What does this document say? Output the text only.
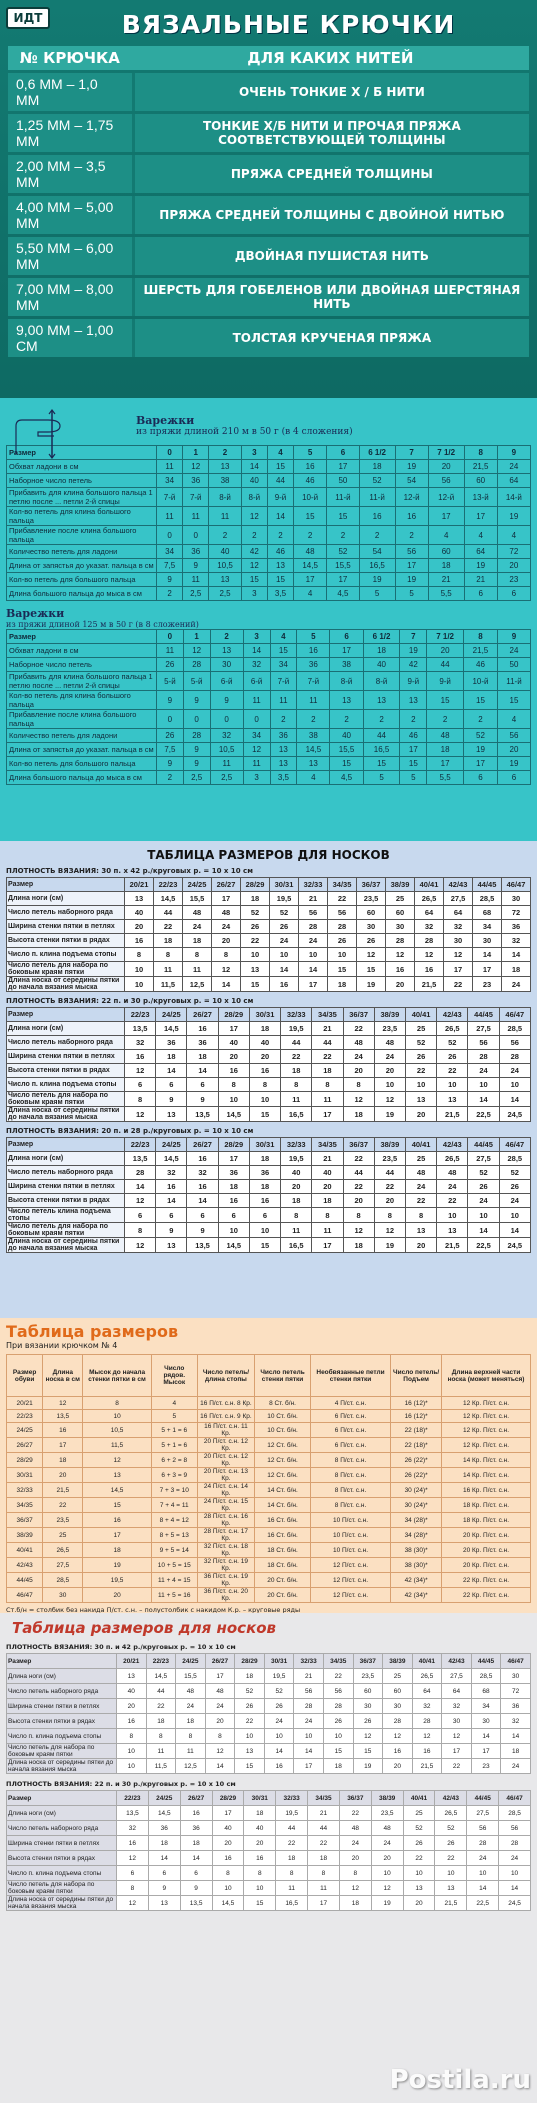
ИДТ	ВЯЗАЛЬНЫЕ КРЮЧКИ
№ КРЮЧКА	ДЛЯ КАКИХ НИТЕЙ
0,6 ММ – 1,0 ММ	ОЧЕНЬ ТОНКИЕ Х / Б НИТИ
1,25 ММ – 1,75 ММ	ТОНКИЕ Х/Б НИТИ И ПРОЧАЯ ПРЯЖА СООТВЕТСТВУЮЩЕЙ ТОЛЩИНЫ
2,00 ММ – 3,5 ММ	ПРЯЖА СРЕДНЕЙ ТОЛЩИНЫ
4,00 ММ – 5,00 ММ	ПРЯЖА СРЕДНЕЙ ТОЛЩИНЫ С ДВОЙНОЙ НИТЬЮ
5,50 ММ – 6,00 ММ	ДВОЙНАЯ ПУШИСТАЯ НИТЬ
7,00 ММ – 8,00 ММ	ШЕРСТЬ ДЛЯ ГОБЕЛЕНОВ ИЛИ ДВОЙНАЯ ШЕРСТЯНАЯ НИТЬ
9,00 ММ – 1,00 СМ	ТОЛСТАЯ КРУЧЕНАЯ ПРЯЖА
Варежки
из пряжи длиной 210 м в 50 г (в 4 сложения)
Размер	0	1	2	3	4	5	6	6 1/2	7	7 1/2	8	9
Обхват ладони в см	11	12	13	14	15	16	17	18	19	20	21,5	24
Наборное число петель	34	36	38	40	44	46	50	52	54	56	60	64
Прибавить для клина большого пальца 1 петлю после ... петли 2-й спицы	7-й	7-й	8-й	8-й	9-й	10-й	11-й	11-й	12-й	12-й	13-й	14-й
Кол-во петель для клина большого пальца	11	11	11	12	14	15	15	16	16	17	17	19
Прибавление после клина большого пальца	0	0	2	2	2	2	2	2	2	4	4	4
Количество петель для ладони	34	36	40	42	46	48	52	54	56	60	64	72
Длина от запястья до указат. пальца в см	7,5	9	10,5	12	13	14,5	15,5	16,5	17	18	19	20
Кол-во петель для большого пальца	9	11	13	15	15	17	17	19	19	21	21	23
Длина большого пальца до мыса в см	2	2,5	2,5	3	3,5	4	4,5	5	5	5,5	6	6
Варежки
из пряжи длиной 125 м в 50 г (в 8 сложений)
Размер	0	1	2	3	4	5	6	6 1/2	7	7 1/2	8	9
Обхват ладони в см	11	12	13	14	15	16	17	18	19	20	21,5	24
Наборное число петель	26	28	30	32	34	36	38	40	42	44	46	50
Прибавить для клина большого пальца 1 петлю после ... петли 2-й спицы	5-й	5-й	6-й	6-й	7-й	7-й	8-й	8-й	9-й	9-й	10-й	11-й
Кол-во петель для клина большого пальца	9	9	9	11	11	11	13	13	13	15	15	15
Прибавление после клина большого пальца	0	0	0	0	2	2	2	2	2	2	2	4
Количество петель для ладони	26	28	32	34	36	38	40	44	46	48	52	56
Длина от запястья до указат. пальца в см	7,5	9	10,5	12	13	14,5	15,5	16,5	17	18	19	20
Кол-во петель для большого пальца	9	9	11	11	13	13	15	15	15	17	17	19
Длина большого пальца до мыса в см	2	2,5	2,5	3	3,5	4	4,5	5	5	5,5	6	6
ТАБЛИЦА РАЗМЕРОВ ДЛЯ НОСКОВ
ПЛОТНОСТЬ ВЯЗАНИЯ: 30 п. x 42 р./круговых р. = 10 x 10 см
Размер	20/21	22/23	24/25	26/27	28/29	30/31	32/33	34/35	36/37	38/39	40/41	42/43	44/45	46/47
Длина ноги (см)	13	14,5	15,5	17	18	19,5	21	22	23,5	25	26,5	27,5	28,5	30
Число петель наборного ряда	40	44	48	48	52	52	56	56	60	60	64	64	68	72
Ширина стенки пятки в петлях	20	22	24	24	26	26	28	28	30	30	32	32	34	36
Высота стенки пятки в рядах	16	18	18	20	22	24	24	26	26	28	28	30	30	32
Число п. клина подъема стопы	8	8	8	8	10	10	10	10	12	12	12	12	14	14
Число петель для набора по боковым краям пятки	10	11	11	12	13	14	14	15	15	16	16	17	17	18
Длина носка от середины пятки до начала вязания мыска	10	11,5	12,5	14	15	16	17	18	19	20	21,5	22	23	24
ПЛОТНОСТЬ ВЯЗАНИЯ: 22 п. и 30 р./круговых р. = 10 x 10 см
Размер	22/23	24/25	26/27	28/29	30/31	32/33	34/35	36/37	38/39	40/41	42/43	44/45	46/47
Длина ноги (см)	13,5	14,5	16	17	18	19,5	21	22	23,5	25	26,5	27,5	28,5
Число петель наборного ряда	32	36	36	40	40	44	44	48	48	52	52	56	56
Ширина стенки пятки в петлях	16	18	18	20	20	22	22	24	24	26	26	28	28
Высота стенки пятки в рядах	12	14	14	16	16	18	18	20	20	22	22	24	24
Число п. клина подъема стопы	6	6	6	8	8	8	8	8	10	10	10	10	10
Число петель для набора по боковым краям пятки	8	9	9	10	10	11	11	12	12	13	13	14	14
Длина носка от середины пятки до начала вязания мыска	12	13	13,5	14,5	15	16,5	17	18	19	20	21,5	22,5	24,5
ПЛОТНОСТЬ ВЯЗАНИЯ: 20 п. и 28 р./круговых р. = 10 x 10 см
Размер	22/23	24/25	26/27	28/29	30/31	32/33	34/35	36/37	38/39	40/41	42/43	44/45	46/47
Длина ноги (см)	13,5	14,5	16	17	18	19,5	21	22	23,5	25	26,5	27,5	28,5
Число петель наборного ряда	28	32	32	36	36	40	40	44	44	48	48	52	52
Ширина стенки пятки в петлях	14	16	16	18	18	20	20	22	22	24	24	26	26
Высота стенки пятки в рядах	12	14	14	16	16	18	18	20	20	22	22	24	24
Число петель клина подъема стопы	6	6	6	6	6	8	8	8	8	8	10	10	10
Число петель для набора по боковым краям пятки	8	9	9	10	10	11	11	12	12	13	13	14	14
Длина носка от середины пятки до начала вязания мыска	12	13	13,5	14,5	15	16,5	17	18	19	20	21,5	22,5	24,5
Таблица размеров
При вязании крючком № 4
Размер обуви	Длина носка в см	Мысок до начала стенки пятки в см	Число рядов. Мысок	Число петель/ длина стопы	Число петель стенки пятки	Необвязанные петли стенки пятки	Число петель/ Подъем	Длина верхней части носка (может меняться)
20/21	12	8	4	16 П/ст. с.н. 8 Кр.	8 Ст. б/н.	4 П/ст. с.н.	16 (12)*	12 Кр. П/ст. с.н.
22/23	13,5	10	5	16 П/ст. с.н. 9 Кр.	10 Ст. б/н.	6 П/ст. с.н.	16 (12)*	12 Кр. П/ст. с.н.
24/25	16	10,5	5 + 1 = 6	16 П/ст. с.н. 11 Кр.	10 Ст. б/н.	6 П/ст. с.н.	22 (18)*	12 Кр. П/ст. с.н.
26/27	17	11,5	5 + 1 = 6	20 П/ст. с.н. 12 Кр.	12 Ст. б/н.	6 П/ст. с.н.	22 (18)*	12 Кр. П/ст. с.н.
28/29	18	12	6 + 2 = 8	20 П/ст. с.н. 12 Кр.	12 Ст. б/н.	8 П/ст. с.н.	26 (22)*	14 Кр. П/ст. с.н.
30/31	20	13	6 + 3 = 9	20 П/ст. с.н. 13 Кр.	12 Ст. б/н.	8 П/ст. с.н.	26 (22)*	14 Кр. П/ст. с.н.
32/33	21,5	14,5	7 + 3 = 10	24 П/ст. с.н. 14 Кр.	14 Ст. б/н.	8 П/ст. с.н.	30 (24)*	16 Кр. П/ст. с.н.
34/35	22	15	7 + 4 = 11	24 П/ст. с.н. 15 Кр.	14 Ст. б/н.	8 П/ст. с.н.	30 (24)*	18 Кр. П/ст. с.н.
36/37	23,5	16	8 + 4 = 12	28 П/ст. с.н. 16 Кр.	16 Ст. б/н.	10 П/ст. с.н.	34 (28)*	18 Кр. П/ст. с.н.
38/39	25	17	8 + 5 = 13	28 П/ст. с.н. 17 Кр.	16 Ст. б/н.	10 П/ст. с.н.	34 (28)*	20 Кр. П/ст. с.н.
40/41	26,5	18	9 + 5 = 14	32 П/ст. с.н. 18 Кр.	18 Ст. б/н.	10 П/ст. с.н.	38 (30)*	20 Кр. П/ст. с.н.
42/43	27,5	19	10 + 5 = 15	32 П/ст. с.н. 19 Кр.	18 Ст. б/н.	12 П/ст. с.н.	38 (30)*	20 Кр. П/ст. с.н.
44/45	28,5	19,5	11 + 4 = 15	36 П/ст. с.н. 19 Кр.	20 Ст. б/н.	12 П/ст. с.н.	42 (34)*	22 Кр. П/ст. с.н.
46/47	30	20	11 + 5 = 16	36 П/ст. с.н. 20 Кр.	20 Ст. б/н.	12 П/ст. с.н.	42 (34)*	22 Кр. П/ст. с.н.
Ст.б/н = столбик без накида П/ст. с.н. – полустолбик с накидом К.р. – круговые ряды
Таблица размеров для носков
ПЛОТНОСТЬ ВЯЗАНИЯ: 30 п. и 42 р./круговых р. = 10 x 10 см
Размер	20/21	22/23	24/25	26/27	28/29	30/31	32/33	34/35	36/37	38/39	40/41	42/43	44/45	46/47
Длина ноги (см)	13	14,5	15,5	17	18	19,5	21	22	23,5	25	26,5	27,5	28,5	30
Число петель наборного ряда	40	44	48	48	52	52	56	56	60	60	64	64	68	72
Ширина стенки пятки в петлях	20	22	24	24	26	26	28	28	30	30	32	32	34	36
Высота стенки пятки в рядах	16	18	18	20	22	24	24	26	26	28	28	30	30	32
Число п. клина подъема стопы	8	8	8	8	10	10	10	10	12	12	12	12	14	14
Число петель для набора по боковым краям пятки	10	11	11	12	13	14	14	15	15	16	16	17	17	18
Длина носка от середины пятки до начала вязания мыска	10	11,5	12,5	14	15	16	17	18	19	20	21,5	22	23	24
ПЛОТНОСТЬ ВЯЗАНИЯ: 22 п. и 30 р./круговых р. = 10 x 10 см
Размер	22/23	24/25	26/27	28/29	30/31	32/33	34/35	36/37	38/39	40/41	42/43	44/45	46/47
Длина ноги (см)	13,5	14,5	16	17	18	19,5	21	22	23,5	25	26,5	27,5	28,5
Число петель наборного ряда	32	36	36	40	40	44	44	48	48	52	52	56	56
Ширина стенки пятки в петлях	16	18	18	20	20	22	22	24	24	26	26	28	28
Высота стенки пятки в рядах	12	14	14	16	16	18	18	20	20	22	22	24	24
Число п. клина подъема стопы	6	6	6	8	8	8	8	8	10	10	10	10	10
Число петель для набора по боковым краям пятки	8	9	9	10	10	11	11	12	12	13	13	14	14
Длина носка от середины пятки до начала вязания мыска	12	13	13,5	14,5	15	16,5	17	18	19	20	21,5	22,5	24,5
Postila.ru
